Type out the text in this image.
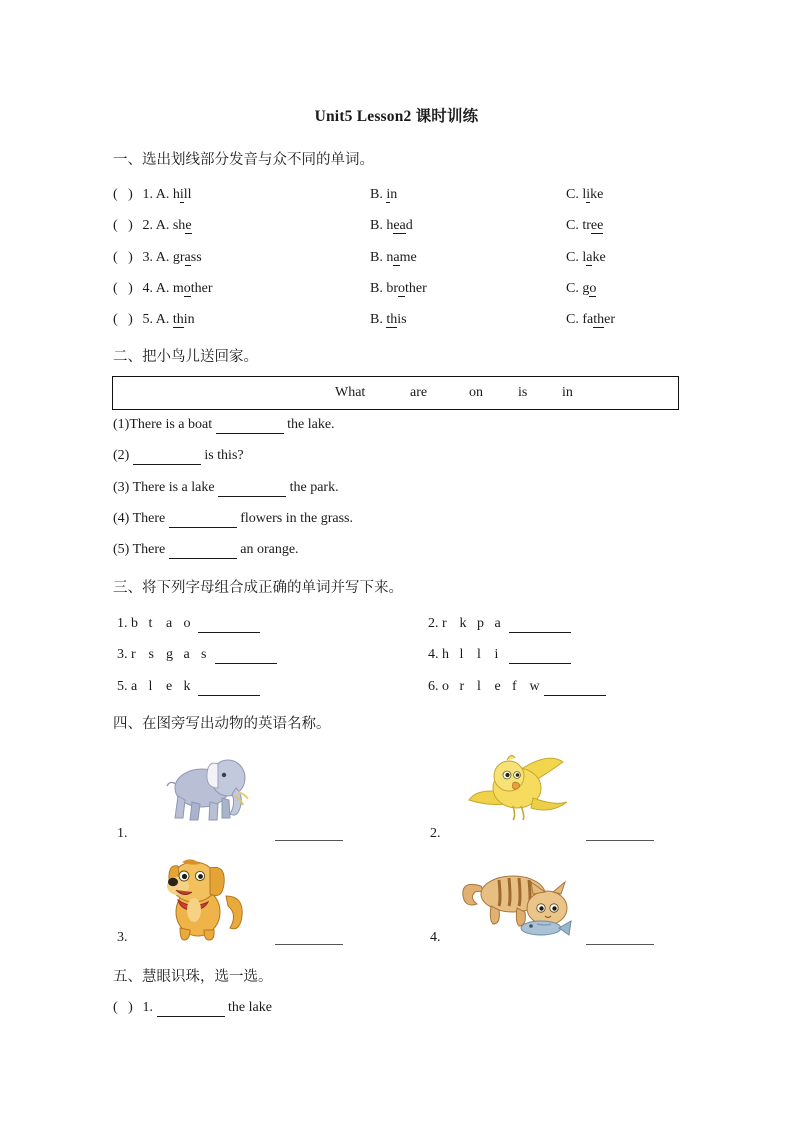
Unit5 Lesson2 课时训练
一、选出划线部分发音与众不同的单词。
(   ) 1. A. hill	B. in	C. like
(   ) 2. A. she	B. head	C. tree
(   ) 3. A. grass	B. name	C. lake
(   ) 4. A. mother	B. brother	C. go
(   ) 5. A. thin	B. this	C. father
二、把小鸟儿送回家。
What	are	on	is in
(1)There is a boat	the lake.
(2)	is this?
(3) There is a lake	the park.
(4) There	flowers in the grass.
(5) There	an orange.
三、将下列字母组合成正确的单词并写下来。
1. b t a o	2. r k p a
3. r s g a s	4. h l l i
5. a l e k	6. o r l e f w
四、在图旁写出动物的英语名称。
1.	2.
3.	4.
五、慧眼识珠，选一选。
(   ) 1.	the lake
